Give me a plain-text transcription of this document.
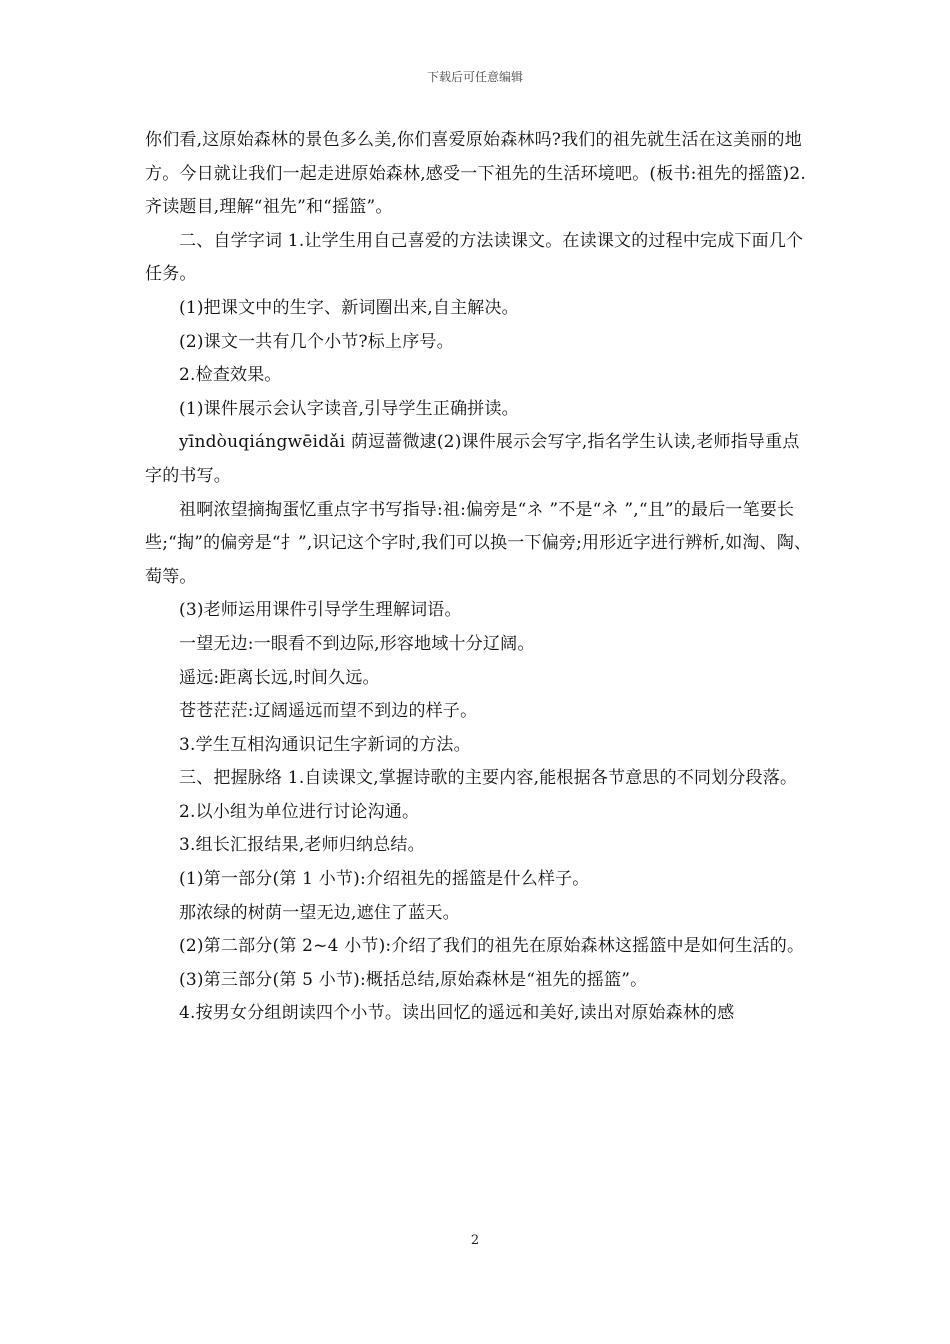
下载后可任意编辑

你们看,这原始森林的景色多么美,你们喜爱原始森林吗?我们的祖先就生活在这美丽的地方。今日就让我们一起走进原始森林,感受一下祖先的生活环境吧。(板书:祖先的摇篮)2.齐读题目,理解“祖先”和“摇篮”。

二、自学字词 1.让学生用自己喜爱的方法读课文。在读课文的过程中完成下面几个任务。

(1)把课文中的生字、新词圈出来,自主解决。

(2)课文一共有几个小节?标上序号。

2.检查效果。

(1)课件展示会认字读音,引导学生正确拼读。

yīndòuqiángwēidǎi 荫逗蔷微逮(2)课件展示会写字,指名学生认读,老师指导重点字的书写。

祖啊浓望摘掏蛋忆重点字书写指导:祖:偏旁是“ネ ”不是“ネ ”,“且”的最后一笔要长些;“掏”的偏旁是“扌”,识记这个字时,我们可以换一下偏旁;用形近字进行辨析,如淘、陶、萄等。

(3)老师运用课件引导学生理解词语。

一望无边:一眼看不到边际,形容地域十分辽阔。

遥远:距离长远,时间久远。

苍苍茫茫:辽阔遥远而望不到边的样子。

3.学生互相沟通识记生字新词的方法。

三、把握脉络 1.自读课文,掌握诗歌的主要内容,能根据各节意思的不同划分段落。

2.以小组为单位进行讨论沟通。

3.组长汇报结果,老师归纳总结。

(1)第一部分(第 1 小节):介绍祖先的摇篮是什么样子。

那浓绿的树荫一望无边,遮住了蓝天。

(2)第二部分(第 2~4 小节):介绍了我们的祖先在原始森林这摇篮中是如何生活的。

(3)第三部分(第 5 小节):概括总结,原始森林是“祖先的摇篮”。

4.按男女分组朗读四个小节。读出回忆的遥远和美好,读出对原始森林的感

2
